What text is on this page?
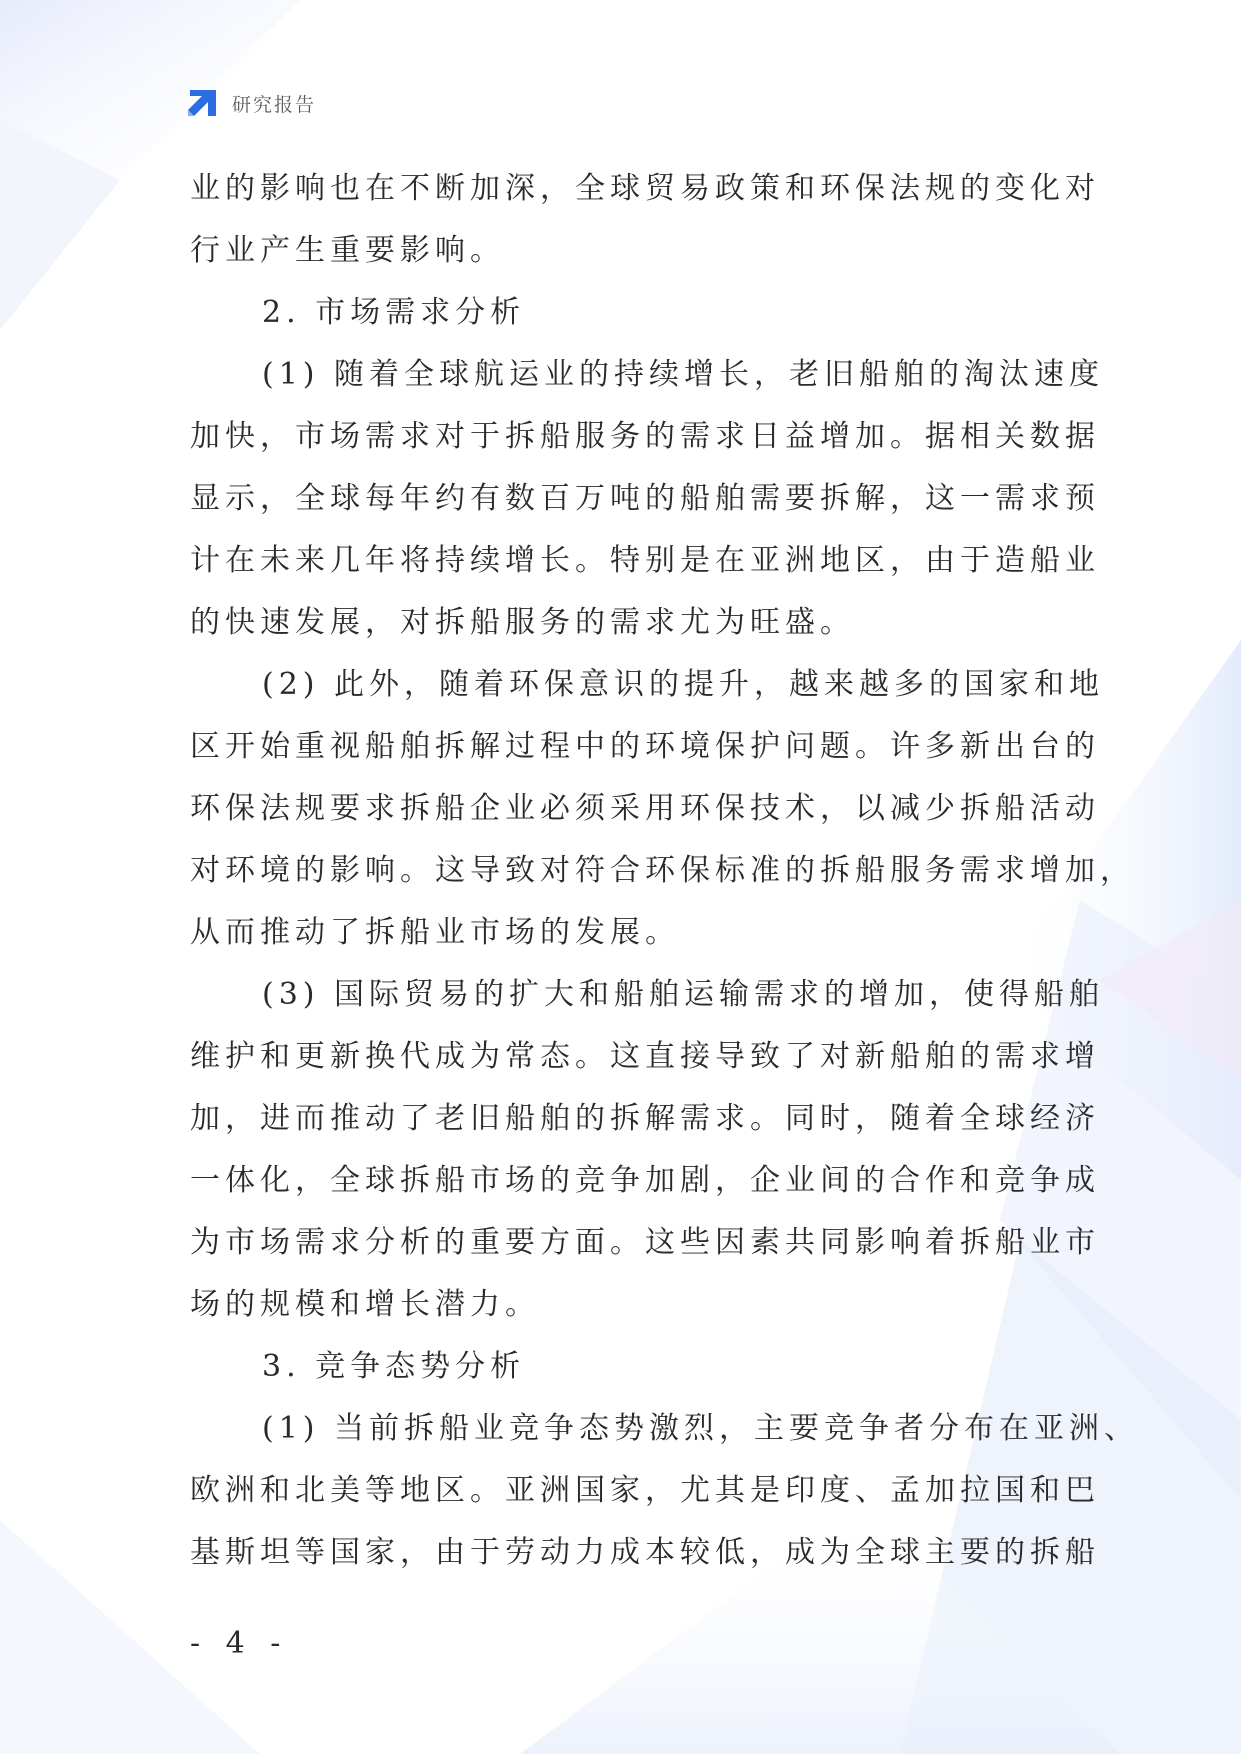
研究报告
业的影响也在不断加深，全球贸易政策和环保法规的变化对
行业产生重要影响。
2. 市场需求分析
(1) 随着全球航运业的持续增长，老旧船舶的淘汰速度
加快，市场需求对于拆船服务的需求日益增加。据相关数据
显示，全球每年约有数百万吨的船舶需要拆解，这一需求预
计在未来几年将持续增长。特别是在亚洲地区，由于造船业
的快速发展，对拆船服务的需求尤为旺盛。
(2) 此外，随着环保意识的提升，越来越多的国家和地
区开始重视船舶拆解过程中的环境保护问题。许多新出台的
环保法规要求拆船企业必须采用环保技术，以减少拆船活动
对环境的影响。这导致对符合环保标准的拆船服务需求增加，
从而推动了拆船业市场的发展。
(3) 国际贸易的扩大和船舶运输需求的增加，使得船舶
维护和更新换代成为常态。这直接导致了对新船舶的需求增
加，进而推动了老旧船舶的拆解需求。同时，随着全球经济
一体化，全球拆船市场的竞争加剧，企业间的合作和竞争成
为市场需求分析的重要方面。这些因素共同影响着拆船业市
场的规模和增长潜力。
3. 竞争态势分析
(1) 当前拆船业竞争态势激烈，主要竞争者分布在亚洲、
欧洲和北美等地区。亚洲国家，尤其是印度、孟加拉国和巴
基斯坦等国家，由于劳动力成本较低，成为全球主要的拆船
- 4 -
